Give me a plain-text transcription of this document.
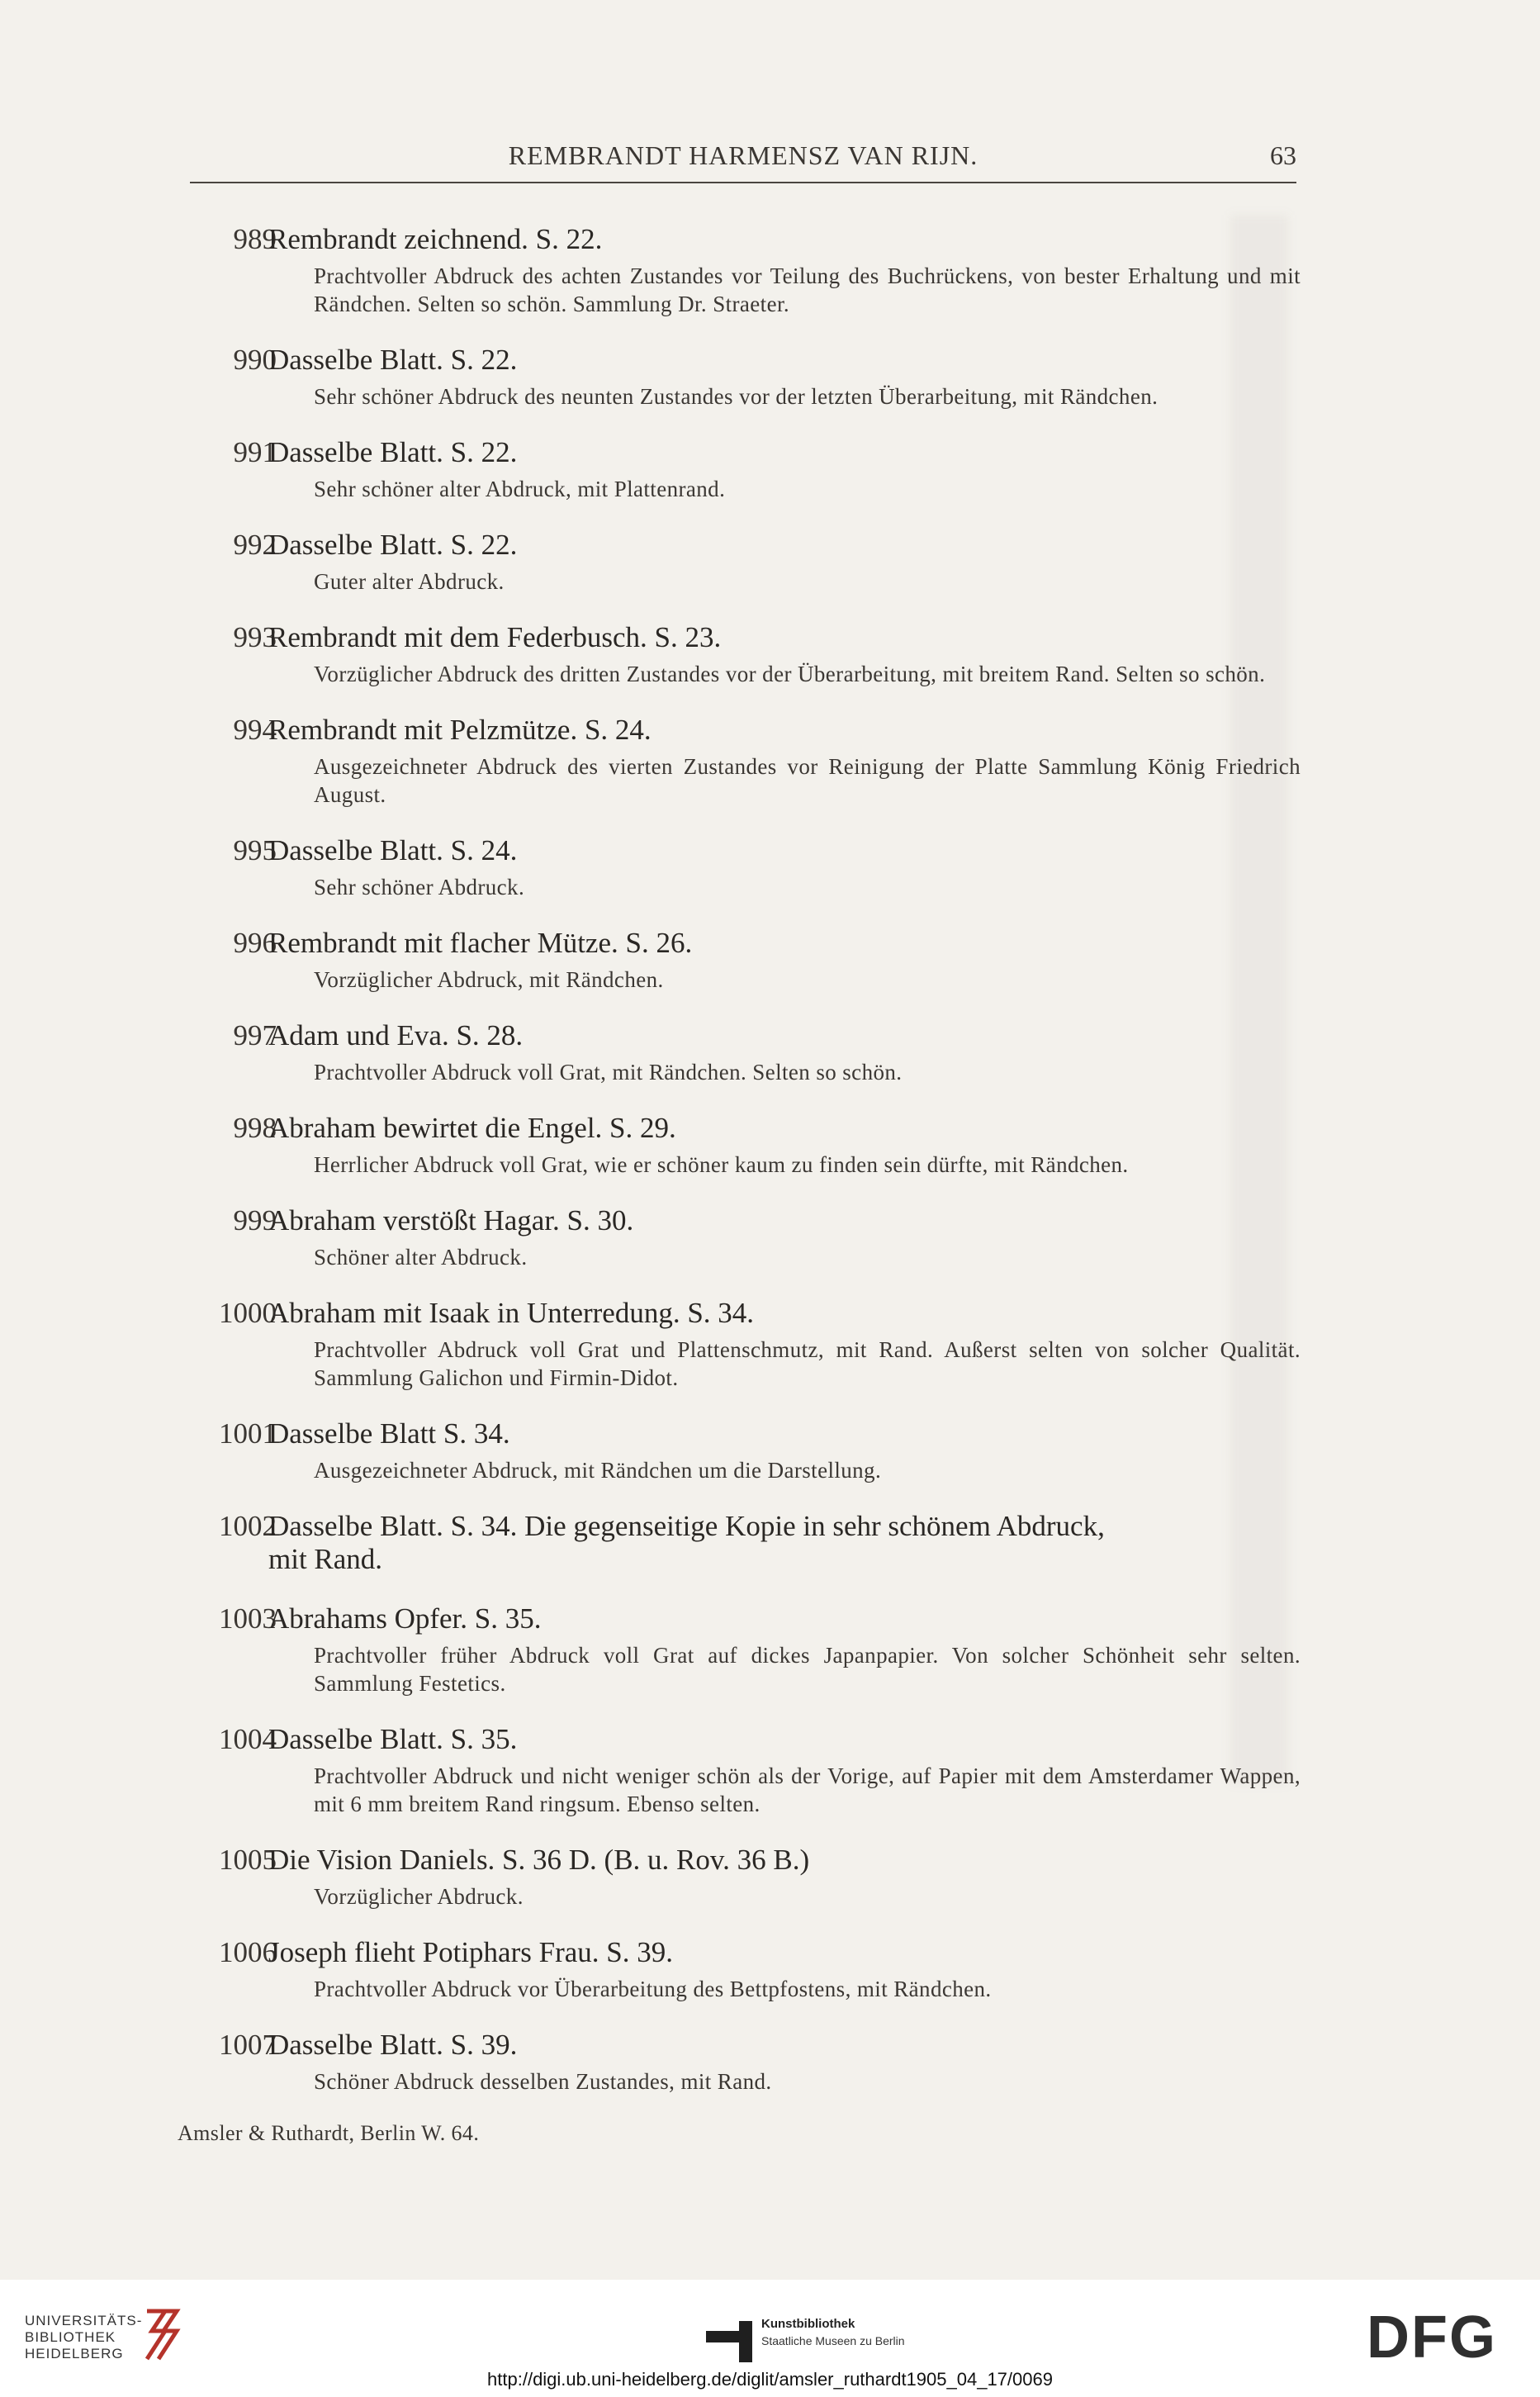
REMBRANDT HARMENSZ VAN RIJN.	63
989
Rembrandt zeichnend. S. 22.
Prachtvoller Abdruck des achten Zustandes vor Teilung des Buchrückens, von bester Erhaltung und mit Rändchen. Selten so schön. Sammlung Dr. Straeter.
990
Dasselbe Blatt. S. 22.
Sehr schöner Abdruck des neunten Zustandes vor der letzten Überarbeitung, mit Rändchen.
991
Dasselbe Blatt. S. 22.
Sehr schöner alter Abdruck, mit Plattenrand.
992
Dasselbe Blatt. S. 22.
Guter alter Abdruck.
993
Rembrandt mit dem Federbusch. S. 23.
Vorzüglicher Abdruck des dritten Zustandes vor der Überarbeitung, mit breitem Rand. Selten so schön.
994
Rembrandt mit Pelzmütze. S. 24.
Ausgezeichneter Abdruck des vierten Zustandes vor Reinigung der Platte Sammlung König Friedrich August.
995
Dasselbe Blatt. S. 24.
Sehr schöner Abdruck.
996
Rembrandt mit flacher Mütze. S. 26.
Vorzüglicher Abdruck, mit Rändchen.
997
Adam und Eva. S. 28.
Prachtvoller Abdruck voll Grat, mit Rändchen. Selten so schön.
998
Abraham bewirtet die Engel. S. 29.
Herrlicher Abdruck voll Grat, wie er schöner kaum zu finden sein dürfte, mit Rändchen.
999
Abraham verstößt Hagar. S. 30.
Schöner alter Abdruck.
1000
Abraham mit Isaak in Unterredung. S. 34.
Prachtvoller Abdruck voll Grat und Plattenschmutz, mit Rand. Außerst selten von solcher Qualität. Sammlung Galichon und Firmin-Didot.
1001
Dasselbe Blatt S. 34.
Ausgezeichneter Abdruck, mit Rändchen um die Darstellung.
1002
Dasselbe Blatt. S. 34. Die gegenseitige Kopie in sehr schönem Abdruck,
mit Rand.
1003
Abrahams Opfer. S. 35.
Prachtvoller früher Abdruck voll Grat auf dickes Japanpapier. Von solcher Schönheit sehr selten. Sammlung Festetics.
1004
Dasselbe Blatt. S. 35.
Prachtvoller Abdruck und nicht weniger schön als der Vorige, auf Papier mit dem Amsterdamer Wappen, mit 6 mm breitem Rand ringsum. Ebenso selten.
1005
Die Vision Daniels. S. 36 D. (B. u. Rov. 36 B.)
Vorzüglicher Abdruck.
1006
Joseph flieht Potiphars Frau. S. 39.
Prachtvoller Abdruck vor Überarbeitung des Bettpfostens, mit Rändchen.
1007
Dasselbe Blatt. S. 39.
Schöner Abdruck desselben Zustandes, mit Rand.
Amsler & Ruthardt, Berlin W. 64.
UNIVERSITÄTS-
BIBLIOTHEK
HEIDELBERG
Kunstbibliothek
Staatliche Museen zu Berlin	DFG
http://digi.ub.uni-heidelberg.de/diglit/amsler_ruthardt1905_04_17/0069
